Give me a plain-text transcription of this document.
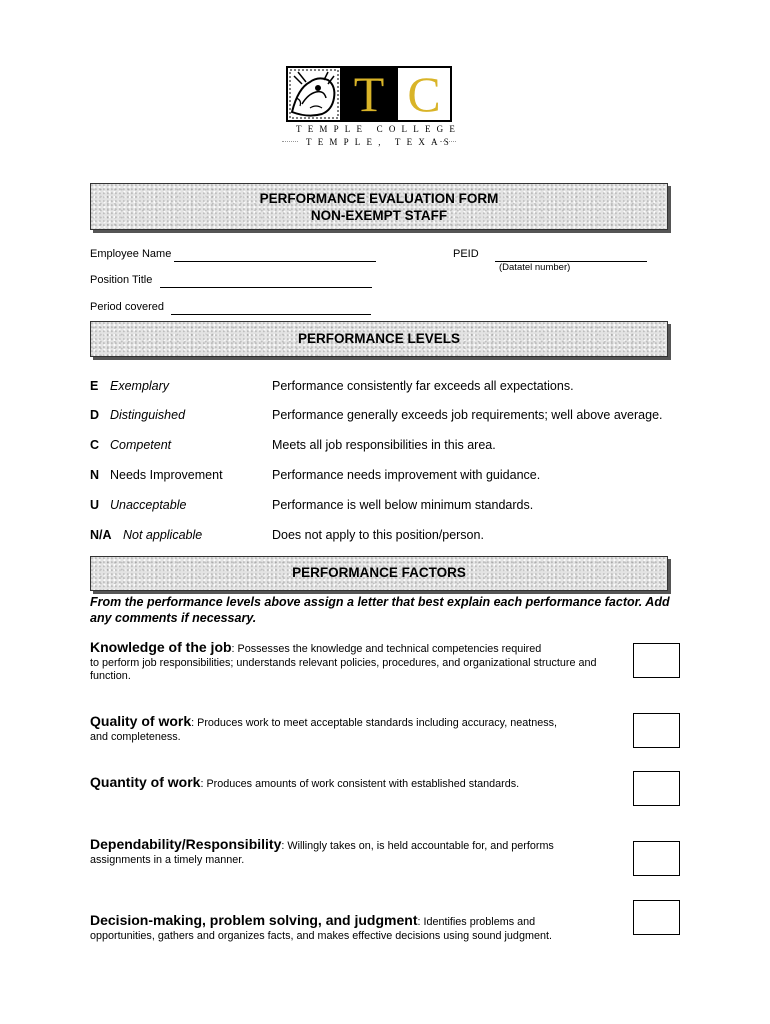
T C
TEMPLE COLLEGE
TEMPLE, TEXAS
PERFORMANCE EVALUATION FORM
NON-EXEMPT STAFF
Employee Name	PEID
(Datatel number)
Position Title
Period covered
PERFORMANCE LEVELS
E Exemplary	Performance consistently far exceeds all expectations.
D Distinguished	Performance generally exceeds job requirements; well above average.
C Competent	Meets all job responsibilities in this area.
N Needs Improvement	Performance needs improvement with guidance.
U Unacceptable	Performance is well below minimum standards.
N/A Not applicable	Does not apply to this position/person.
PERFORMANCE FACTORS
From the performance levels above assign a letter that best explain each performance factor. Add any comments if necessary.
Knowledge of the job: Possesses the knowledge and technical competencies required
to perform job responsibilities; understands relevant policies, procedures, and organizational structure and function.
Quality of work: Produces work to meet acceptable standards including accuracy, neatness,
and completeness.
Quantity of work: Produces amounts of work consistent with established standards.
Dependability/Responsibility: Willingly takes on, is held accountable for, and performs
assignments in a timely manner.
Decision-making, problem solving, and judgment: Identifies problems and
opportunities, gathers and organizes facts, and makes effective decisions using sound judgment.
